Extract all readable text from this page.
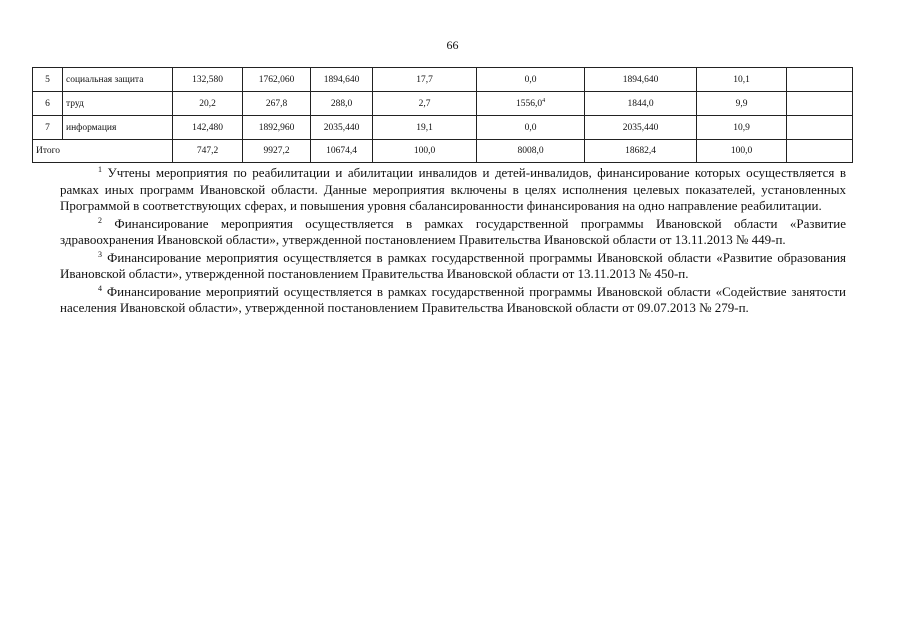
66
5	социальная защита	132,580	1762,060	1894,640	17,7	0,0	1894,640	10,1	
6	труд	20,2	267,8	288,0	2,7	1556,0$^4$	1844,0	9,9	
7	информация	142,480	1892,960	2035,440	19,1	0,0	2035,440	10,9	
Итого		747,2	9927,2	10674,4	100,0	8008,0	18682,4	100,0	

$^1$ Учтены мероприятия по реабилитации и абилитации инвалидов и детей-инвалидов, финансирование которых осуществляется в рамках иных программ Ивановской области. Данные мероприятия включены в целях исполнения целевых показателей, установленных Программой в соответствующих сферах, и повышения уровня сбалансированности финансирования на одно направление реабилитации.

$^2$ Финансирование мероприятия осуществляется в рамках государственной программы Ивановской области «Развитие здравоохранения Ивановской области», утвержденной постановлением Правительства Ивановской области от 13.11.2013 № 449-п.

$^3$ Финансирование мероприятия осуществляется в рамках государственной программы Ивановской области «Развитие образования Ивановской области», утвержденной постановлением Правительства Ивановской области от 13.11.2013 № 450-п.

$^4$ Финансирование мероприятий осуществляется в рамках государственной программы Ивановской области «Содействие занятости населения Ивановской области», утвержденной постановлением Правительства Ивановской области от 09.07.2013 № 279-п.
